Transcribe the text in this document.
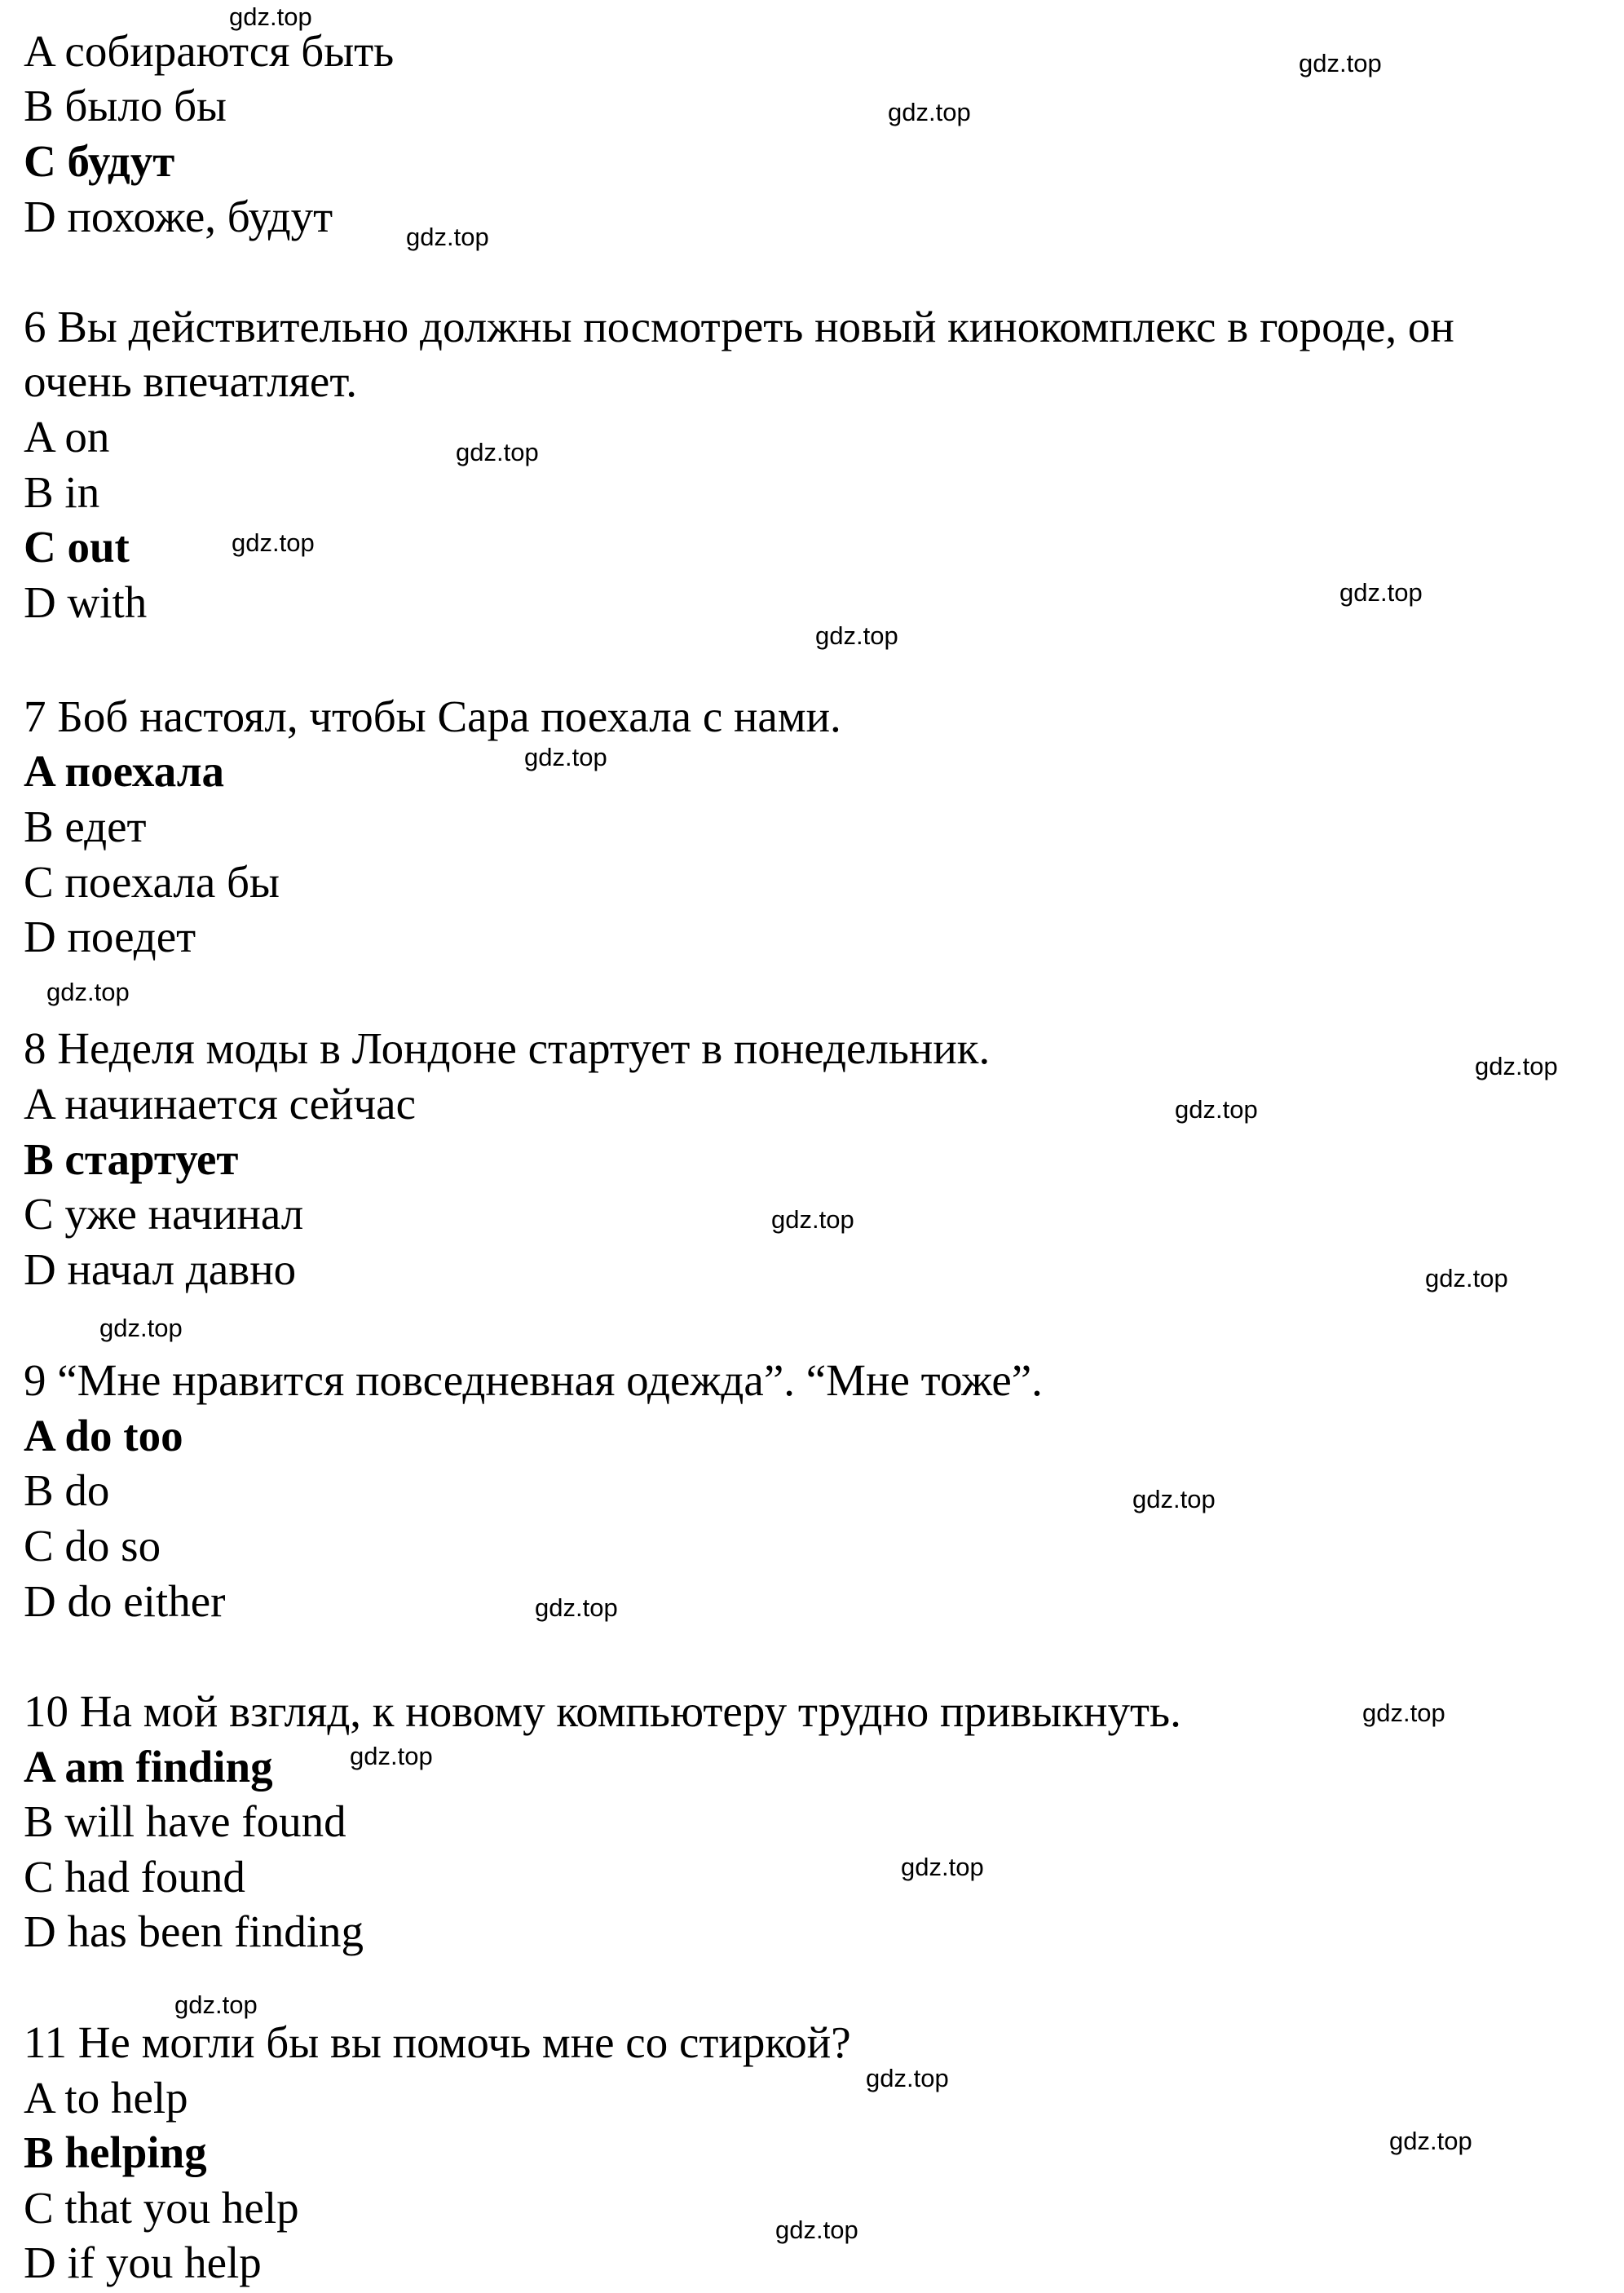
A собираются быть
B было бы
C будут
D похоже, будут
6 Вы действительно должны посмотреть новый кинокомплекс в городе, он
очень впечатляет.
A on
B in
C out
D with
7 Боб настоял, чтобы Сара поехала с нами.
A поехала
B едет
C поехала бы
D поедет
8 Неделя моды в Лондоне стартует в понедельник.
A начинается сейчас
B стартует
C уже начинал
D начал давно
9 “Мне нравится повседневная одежда”. “Мне тоже”.
A do too
B do
C do so
D do either
10 На мой взгляд, к новому компьютеру трудно привыкнуть.
A am finding
B will have found
C had found
D has been finding
11 Не могли бы вы помочь мне со стиркой?
A to help
B helping
C that you help
D if you help
gdz.top
gdz.top
gdz.top
gdz.top
gdz.top
gdz.top
gdz.top
gdz.top
gdz.top
gdz.top
gdz.top
gdz.top
gdz.top
gdz.top
gdz.top
gdz.top
gdz.top
gdz.top
gdz.top
gdz.top
gdz.top
gdz.top
gdz.top
gdz.top
